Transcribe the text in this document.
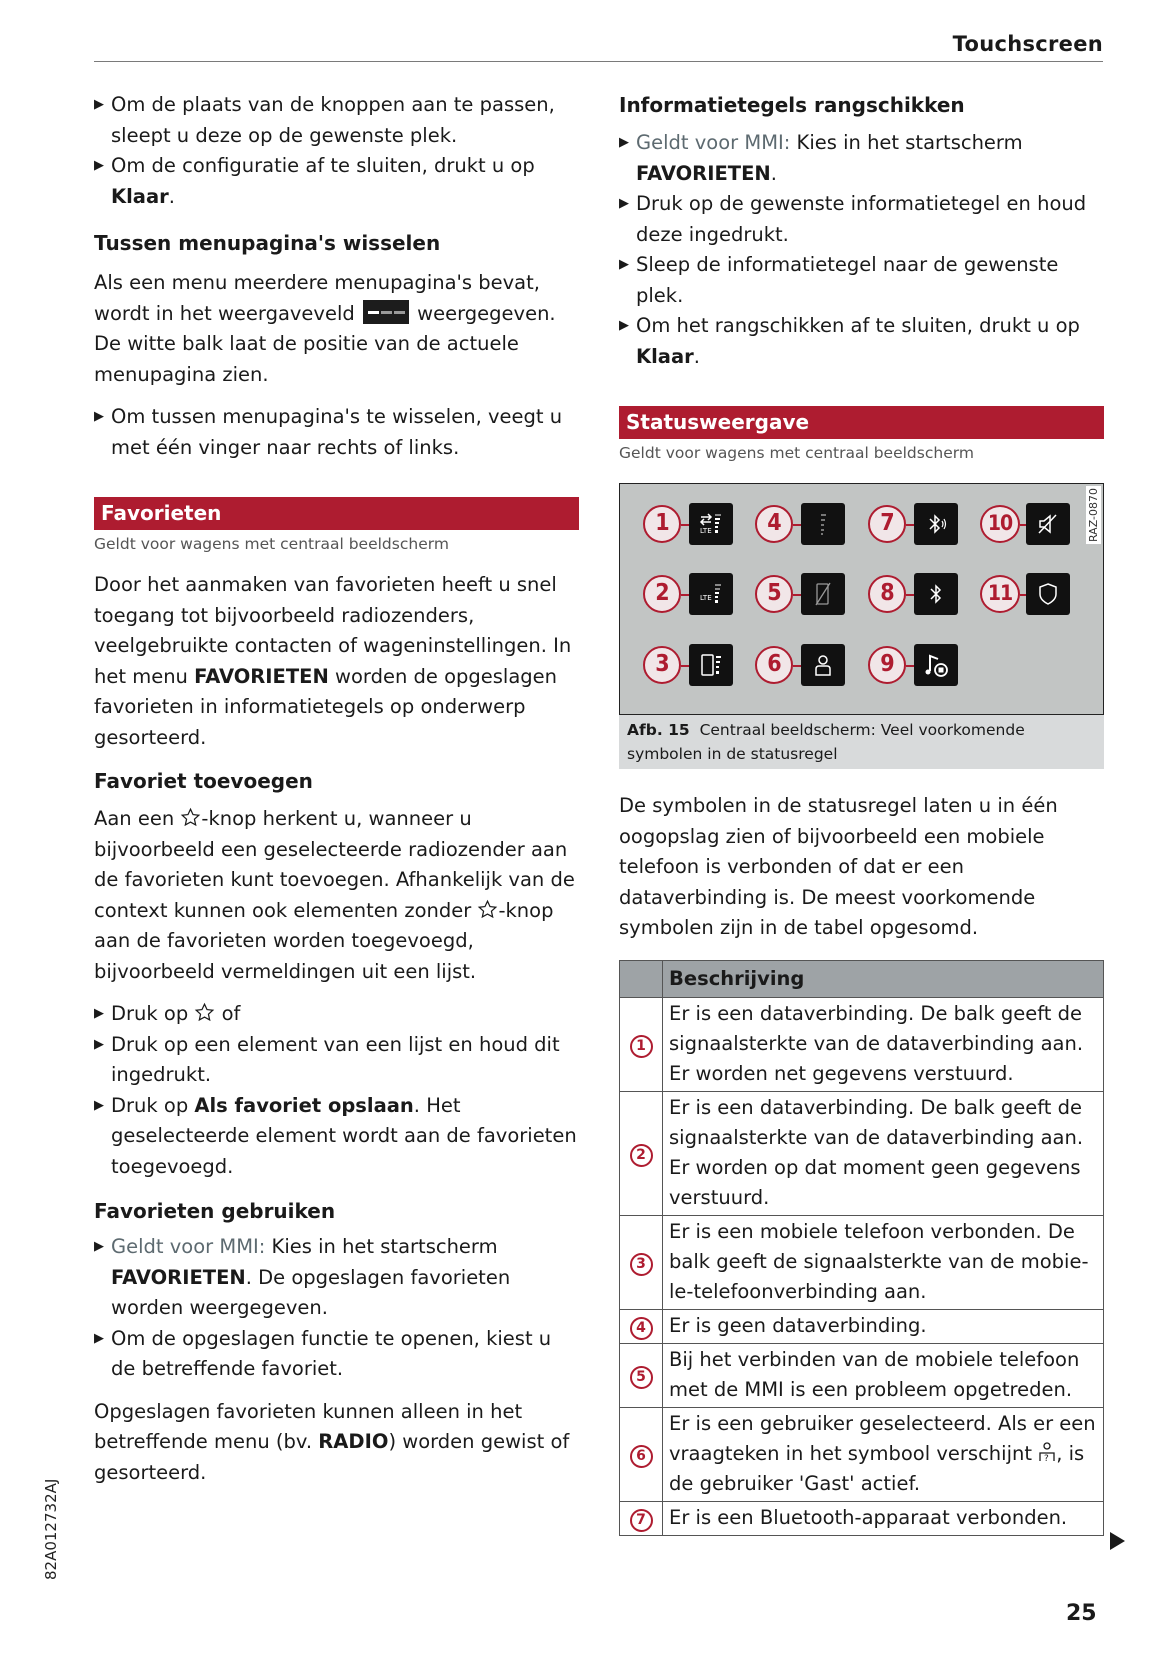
Touchscreen
▶ Om de plaats van de knoppen aan te passen, sleept u deze op de gewenste plek.
▶ Om de configuratie af te sluiten, drukt u op Klaar.
Tussen menupagina's wisselen

Als een menu meerdere menupagina's bevat, wordt in het weergaveveld	weergegeven. De witte balk laat de positie van de actuele menupagina zien.

▶ Om tussen menupagina's te wisselen, veegt u met één vinger naar rechts of links.
Favorieten
Geldt voor wagens met centraal beeldscherm

Door het aanmaken van favorieten heeft u snel toegang tot bijvoorbeeld radiozenders, veelgebruikte contacten of wageninstellingen. In het menu FAVORIETEN worden de opgeslagen favorieten in informatietegels op onderwerp gesorteerd.

Favoriet toevoegen

Aan een -knop herkent u, wanneer u bijvoorbeeld een geselecteerde radiozender aan de favorieten kunt toevoegen. Afhankelijk van de context kunnen ook elementen zonder -knop aan de favorieten worden toegevoegd, bijvoorbeeld vermeldingen uit een lijst.

▶ Druk op  of
▶ Druk op een element van een lijst en houd dit ingedrukt.
▶ Druk op Als favoriet opslaan. Het geselecteerde element wordt aan de favorieten toegevoegd.
Favorieten gebruiken
▶ Geldt voor MMI: Kies in het startscherm FAVORIETEN. De opgeslagen favorieten worden weergegeven.
▶ Om de opgeslagen functie te openen, kiest u de betreffende favoriet.

Opgeslagen favorieten kunnen alleen in het betreffende menu (bv. RADIO) worden gewist of gesorteerd.

Informatietegels rangschikken
▶ Geldt voor MMI: Kies in het startscherm FAVORIETEN.
▶ Druk op de gewenste informatietegel en houd deze ingedrukt.
▶ Sleep de informatietegel naar de gewenste plek.
▶ Om het rangschikken af te sluiten, drukt u op Klaar.
Statusweergave
Geldt voor wagens met centraal beeldscherm
RAZ-0870
1	LTE	4	7	10
2	LTE	5	8	11
3	6	9
Afb. 15 Centraal beeldscherm: Veel voorkomende symbolen in de statusregel

De symbolen in de statusregel laten u in één oogopslag zien of bijvoorbeeld een mobiele telefoon is verbonden of dat er een dataverbinding is. De meest voorkomende symbolen zijn in de tabel opgesomd.

	Beschrijving
1	Er is een dataverbinding. De balk geeft de signaalsterkte van de dataverbinding aan. Er worden net gegevens verstuurd.
2	Er is een dataverbinding. De balk geeft de signaalsterkte van de dataverbinding aan. Er worden op dat moment geen gegevens verstuurd.
3	Er is een mobiele telefoon verbonden. De balk geeft de signaalsterkte van de mobie-le-telefoonverbinding aan.
4	Er is geen dataverbinding.
5	Bij het verbinden van de mobiele telefoon met de MMI is een probleem opgetreden.
6	Er is een gebruiker geselecteerd. Als er een vraagteken in het symbool verschijnt ? , is de gebruiker 'Gast' actief.
7	Er is een Bluetooth-apparaat verbonden.
82A012732AJ
25
